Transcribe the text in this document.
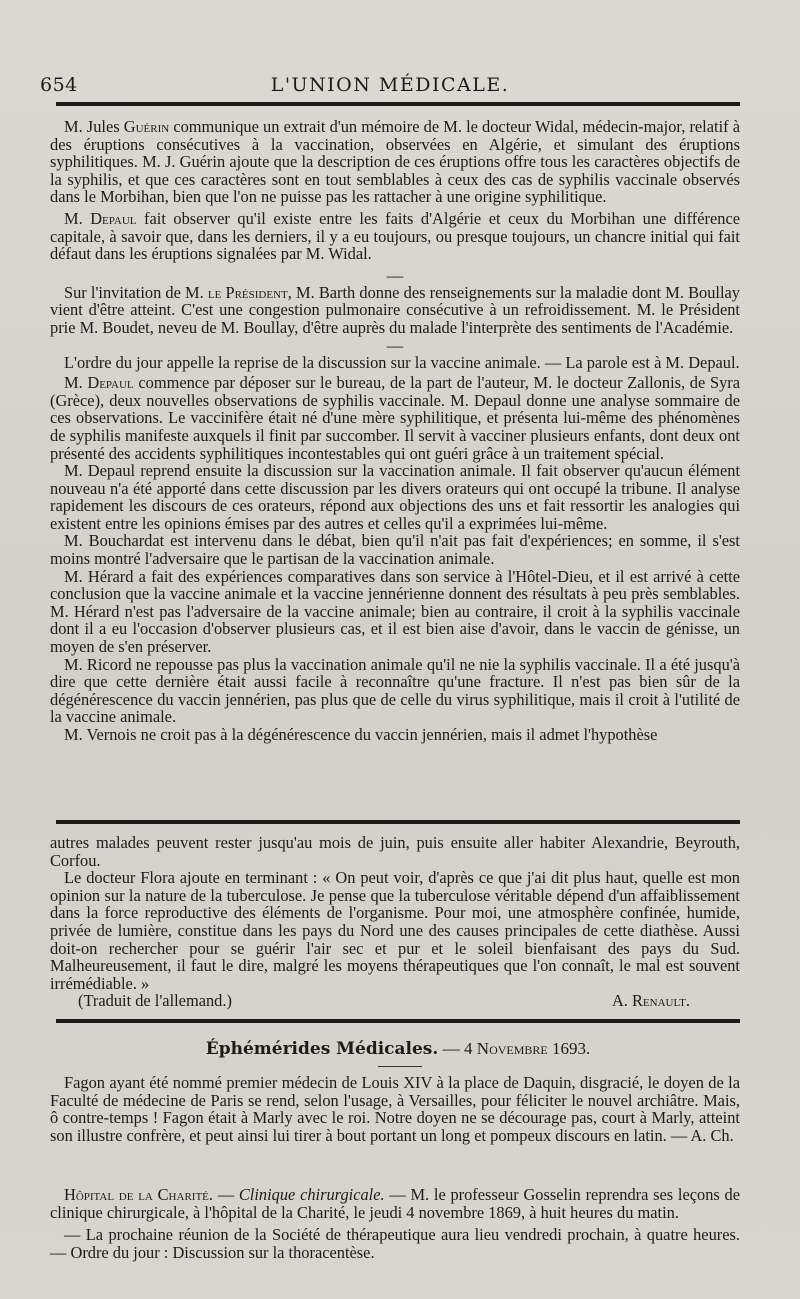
654	L'UNION MÉDICALE.

M. Jules Guérin communique un extrait d'un mémoire de M. le docteur Widal, médecin-major, relatif à des éruptions consécutives à la vaccination, observées en Algérie, et simulant des éruptions syphilitiques. M. J. Guérin ajoute que la description de ces éruptions offre tous les caractères objectifs de la syphilis, et que ces caractères sont en tout semblables à ceux des cas de syphilis vaccinale observés dans le Morbihan, bien que l'on ne puisse pas les rattacher à une origine syphilitique.

M. Depaul fait observer qu'il existe entre les faits d'Algérie et ceux du Morbihan une différence capitale, à savoir que, dans les derniers, il y a eu toujours, ou presque toujours, un chancre initial qui fait défaut dans les éruptions signalées par M. Widal.

—

Sur l'invitation de M. le Président, M. Barth donne des renseignements sur la maladie dont M. Boullay vient d'être atteint. C'est une congestion pulmonaire consécutive à un refroidissement. M. le Président prie M. Boudet, neveu de M. Boullay, d'être auprès du malade l'interprète des sentiments de l'Académie.

—

L'ordre du jour appelle la reprise de la discussion sur la vaccine animale. — La parole est à M. Depaul.

M. Depaul commence par déposer sur le bureau, de la part de l'auteur, M. le docteur Zallonis, de Syra (Grèce), deux nouvelles observations de syphilis vaccinale. M. Depaul donne une analyse sommaire de ces observations. Le vaccinifère était né d'une mère syphilitique, et présenta lui-même des phénomènes de syphilis manifeste auxquels il finit par succomber. Il servit à vacciner plusieurs enfants, dont deux ont présenté des accidents syphilitiques incontestables qui ont guéri grâce à un traitement spécial.

M. Depaul reprend ensuite la discussion sur la vaccination animale. Il fait observer qu'aucun élément nouveau n'a été apporté dans cette discussion par les divers orateurs qui ont occupé la tribune. Il analyse rapidement les discours de ces orateurs, répond aux objections des uns et fait ressortir les analogies qui existent entre les opinions émises par des autres et celles qu'il a exprimées lui-même.

M. Bouchardat est intervenu dans le débat, bien qu'il n'ait pas fait d'expériences; en somme, il s'est moins montré l'adversaire que le partisan de la vaccination animale.

M. Hérard a fait des expériences comparatives dans son service à l'Hôtel-Dieu, et il est arrivé à cette conclusion que la vaccine animale et la vaccine jennérienne donnent des résultats à peu près semblables. M. Hérard n'est pas l'adversaire de la vaccine animale; bien au contraire, il croit à la syphilis vaccinale dont il a eu l'occasion d'observer plusieurs cas, et il est bien aise d'avoir, dans le vaccin de génisse, un moyen de s'en préserver.

M. Ricord ne repousse pas plus la vaccination animale qu'il ne nie la syphilis vaccinale. Il a été jusqu'à dire que cette dernière était aussi facile à reconnaître qu'une fracture. Il n'est pas bien sûr de la dégénérescence du vaccin jennérien, pas plus que de celle du virus syphilitique, mais il croit à l'utilité de la vaccine animale.

M. Vernois ne croit pas à la dégénérescence du vaccin jennérien, mais il admet l'hypothèse

autres malades peuvent rester jusqu'au mois de juin, puis ensuite aller habiter Alexandrie, Beyrouth, Corfou.

Le docteur Flora ajoute en terminant : « On peut voir, d'après ce que j'ai dit plus haut, quelle est mon opinion sur la nature de la tuberculose. Je pense que la tuberculose véritable dépend d'un affaiblissement dans la force reproductive des éléments de l'organisme. Pour moi, une atmosphère confinée, humide, privée de lumière, constitue dans les pays du Nord une des causes principales de cette diathèse. Aussi doit-on rechercher pour se guérir l'air sec et pur et le soleil bienfaisant des pays du Sud. Malheureusement, il faut le dire, malgré les moyens thérapeutiques que l'on connaît, le mal est souvent irrémédiable. »

(Traduit de l'allemand.)	A. Renault.
Éphémérides Médicales. — 4 Novembre 1693.

Fagon ayant été nommé premier médecin de Louis XIV à la place de Daquin, disgracié, le doyen de la Faculté de médecine de Paris se rend, selon l'usage, à Versailles, pour féliciter le nouvel archiâtre. Mais, ô contre-temps ! Fagon était à Marly avec le roi. Notre doyen ne se décourage pas, court à Marly, atteint son illustre confrère, et peut ainsi lui tirer à bout portant un long et pompeux discours en latin. — A. Ch.

Hôpital de la Charité. — Clinique chirurgicale. — M. le professeur Gosselin reprendra ses leçons de clinique chirurgicale, à l'hôpital de la Charité, le jeudi 4 novembre 1869, à huit heures du matin.

— La prochaine réunion de la Société de thérapeutique aura lieu vendredi prochain, à quatre heures. — Ordre du jour : Discussion sur la thoracentèse.
